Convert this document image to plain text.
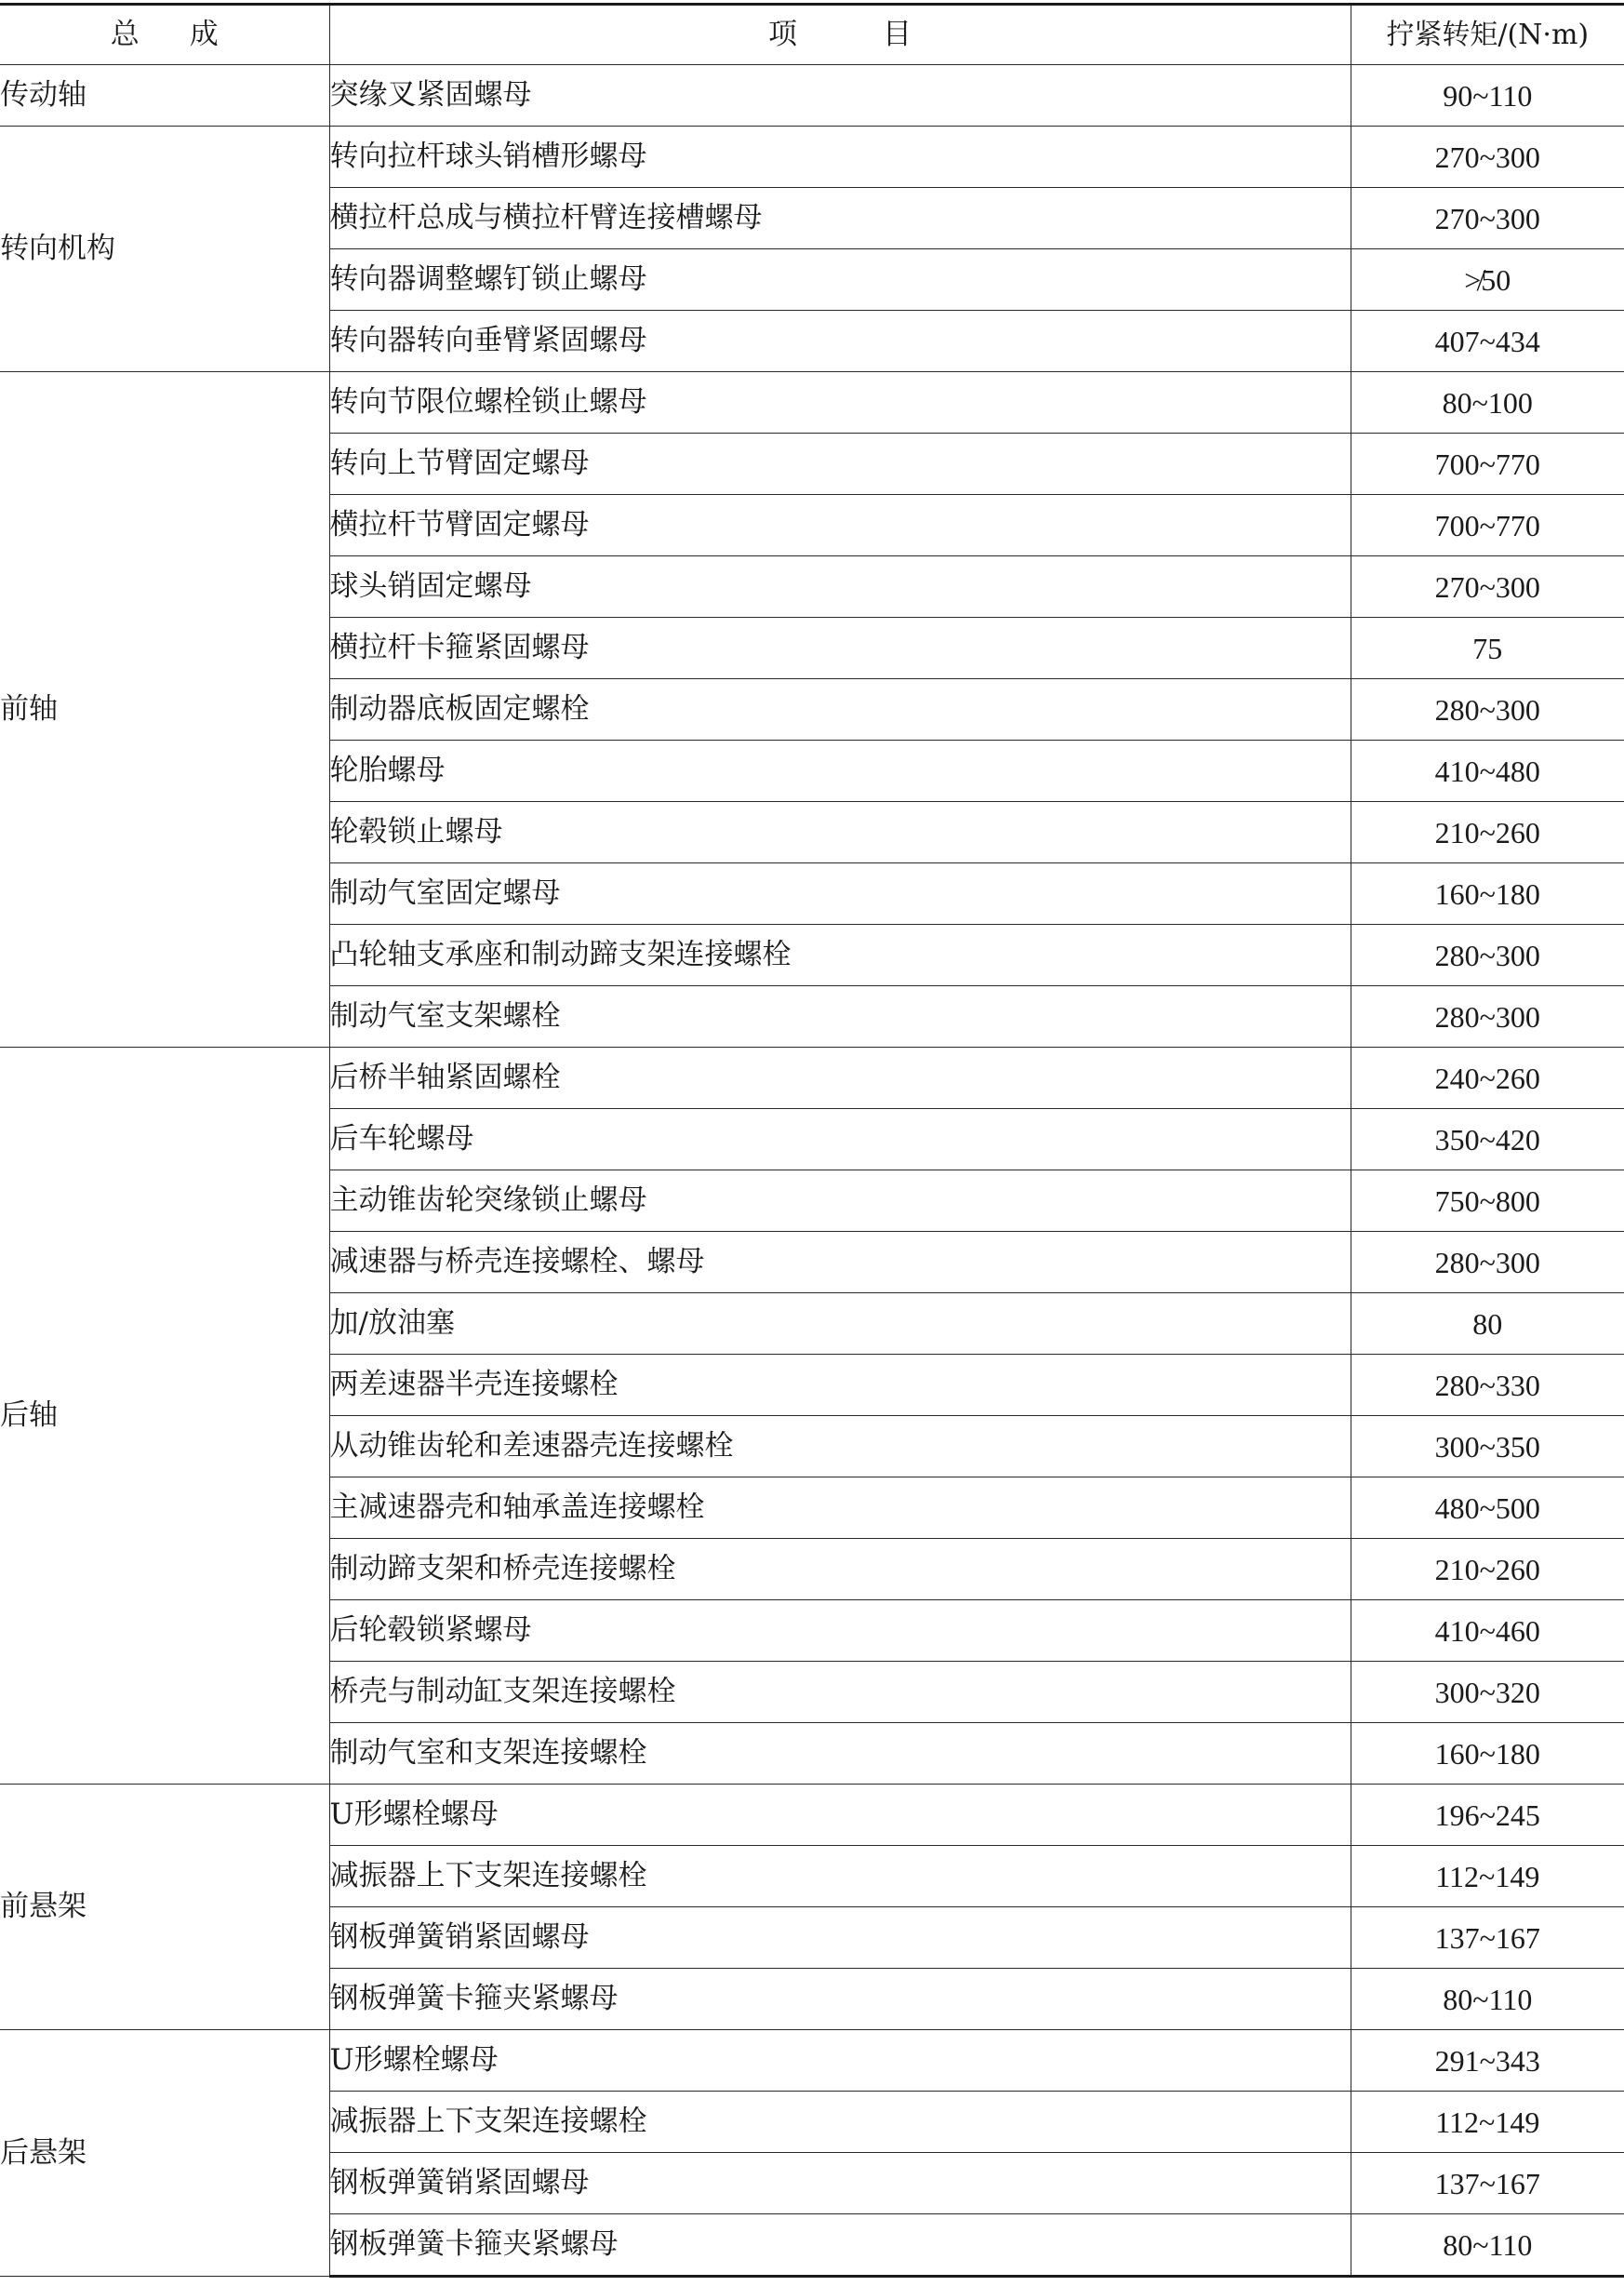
总成	项目	拧紧转矩/(N·m)
传动轴	突缘叉紧固螺母	90~110
转向机构	转向拉杆球头销槽形螺母	270~300
	横拉杆总成与横拉杆臂连接槽螺母	270~300
	转向器调整螺钉锁止螺母	≯50
	转向器转向垂臂紧固螺母	407~434
前轴	转向节限位螺栓锁止螺母	80~100
	转向上节臂固定螺母	700~770
	横拉杆节臂固定螺母	700~770
	球头销固定螺母	270~300
	横拉杆卡箍紧固螺母	75
	制动器底板固定螺栓	280~300
	轮胎螺母	410~480
	轮毂锁止螺母	210~260
	制动气室固定螺母	160~180
	凸轮轴支承座和制动蹄支架连接螺栓	280~300
	制动气室支架螺栓	280~300
后轴	后桥半轴紧固螺栓	240~260
	后车轮螺母	350~420
	主动锥齿轮突缘锁止螺母	750~800
	减速器与桥壳连接螺栓、螺母	280~300
	加/放油塞	80
	两差速器半壳连接螺栓	280~330
	从动锥齿轮和差速器壳连接螺栓	300~350
	主减速器壳和轴承盖连接螺栓	480~500
	制动蹄支架和桥壳连接螺栓	210~260
	后轮毂锁紧螺母	410~460
	桥壳与制动缸支架连接螺栓	300~320
	制动气室和支架连接螺栓	160~180
前悬架	U形螺栓螺母	196~245
	减振器上下支架连接螺栓	112~149
	钢板弹簧销紧固螺母	137~167
	钢板弹簧卡箍夹紧螺母	80~110
后悬架	U形螺栓螺母	291~343
	减振器上下支架连接螺栓	112~149
	钢板弹簧销紧固螺母	137~167
	钢板弹簧卡箍夹紧螺母	80~110
